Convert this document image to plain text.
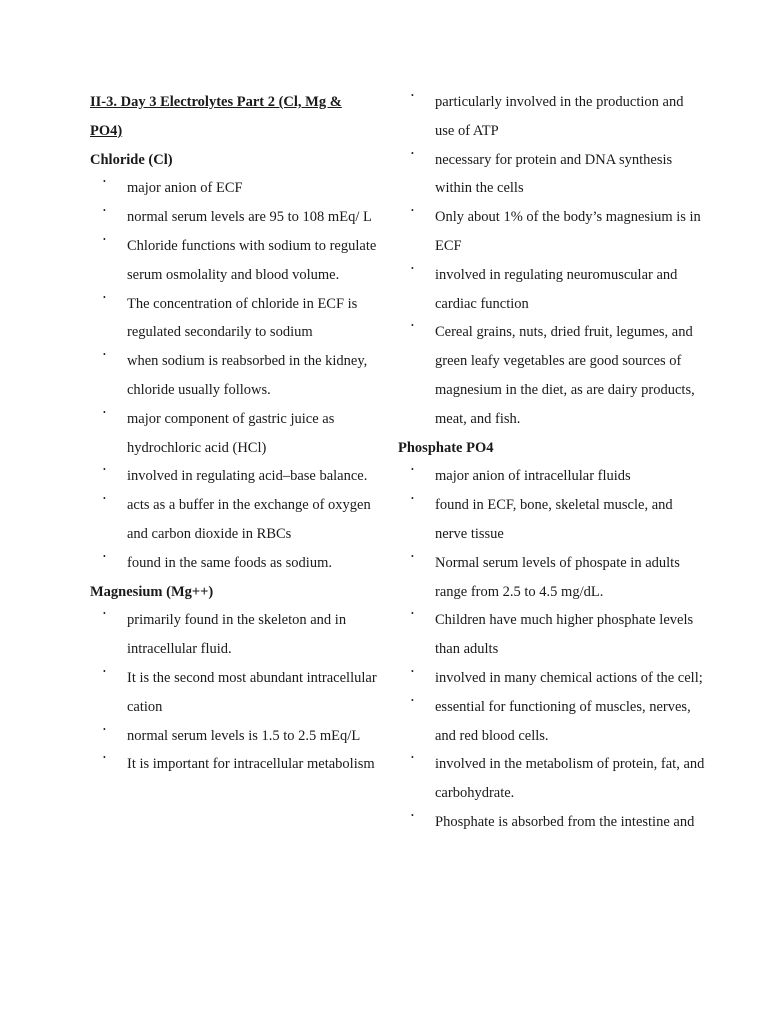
II-3. Day 3 Electrolytes Part 2 (Cl, Mg & PO4)

Chloride (Cl)

• major anion of ECF
• normal serum levels are 95 to 108 mEq/ L
• Chloride functions with sodium to regulate serum osmolality and blood volume.
• The concentration of chloride in ECF is regulated secondarily to sodium
• when sodium is reabsorbed in the kidney, chloride usually follows.
• major component of gastric juice as hydrochloric acid (HCl)
• involved in regulating acid–base balance.
• acts as a buffer in the exchange of oxygen and carbon dioxide in RBCs
• found in the same foods as sodium.

Magnesium (Mg++)

• primarily found in the skeleton and in intracellular fluid.
• It is the second most abundant intracellular cation
• normal serum levels is 1.5 to 2.5 mEq/L
• It is important for intracellular metabolism
• particularly involved in the production and use of ATP
• necessary for protein and DNA synthesis within the cells
• Only about 1% of the body’s magnesium is in ECF
• involved in regulating neuromuscular and cardiac function
• Cereal grains, nuts, dried fruit, legumes, and green leafy vegetables are good sources of magnesium in the diet, as are dairy products, meat, and fish.

Phosphate PO4

• major anion of intracellular fluids
• found in ECF, bone, skeletal muscle, and nerve tissue
• Normal serum levels of phospate in adults range from 2.5 to 4.5 mg/dL.
• Children have much higher phosphate levels than adults
• involved in many chemical actions of the cell;
• essential for functioning of muscles, nerves, and red blood cells.
• involved in the metabolism of protein, fat, and carbohydrate.
• Phosphate is absorbed from the intestine and
